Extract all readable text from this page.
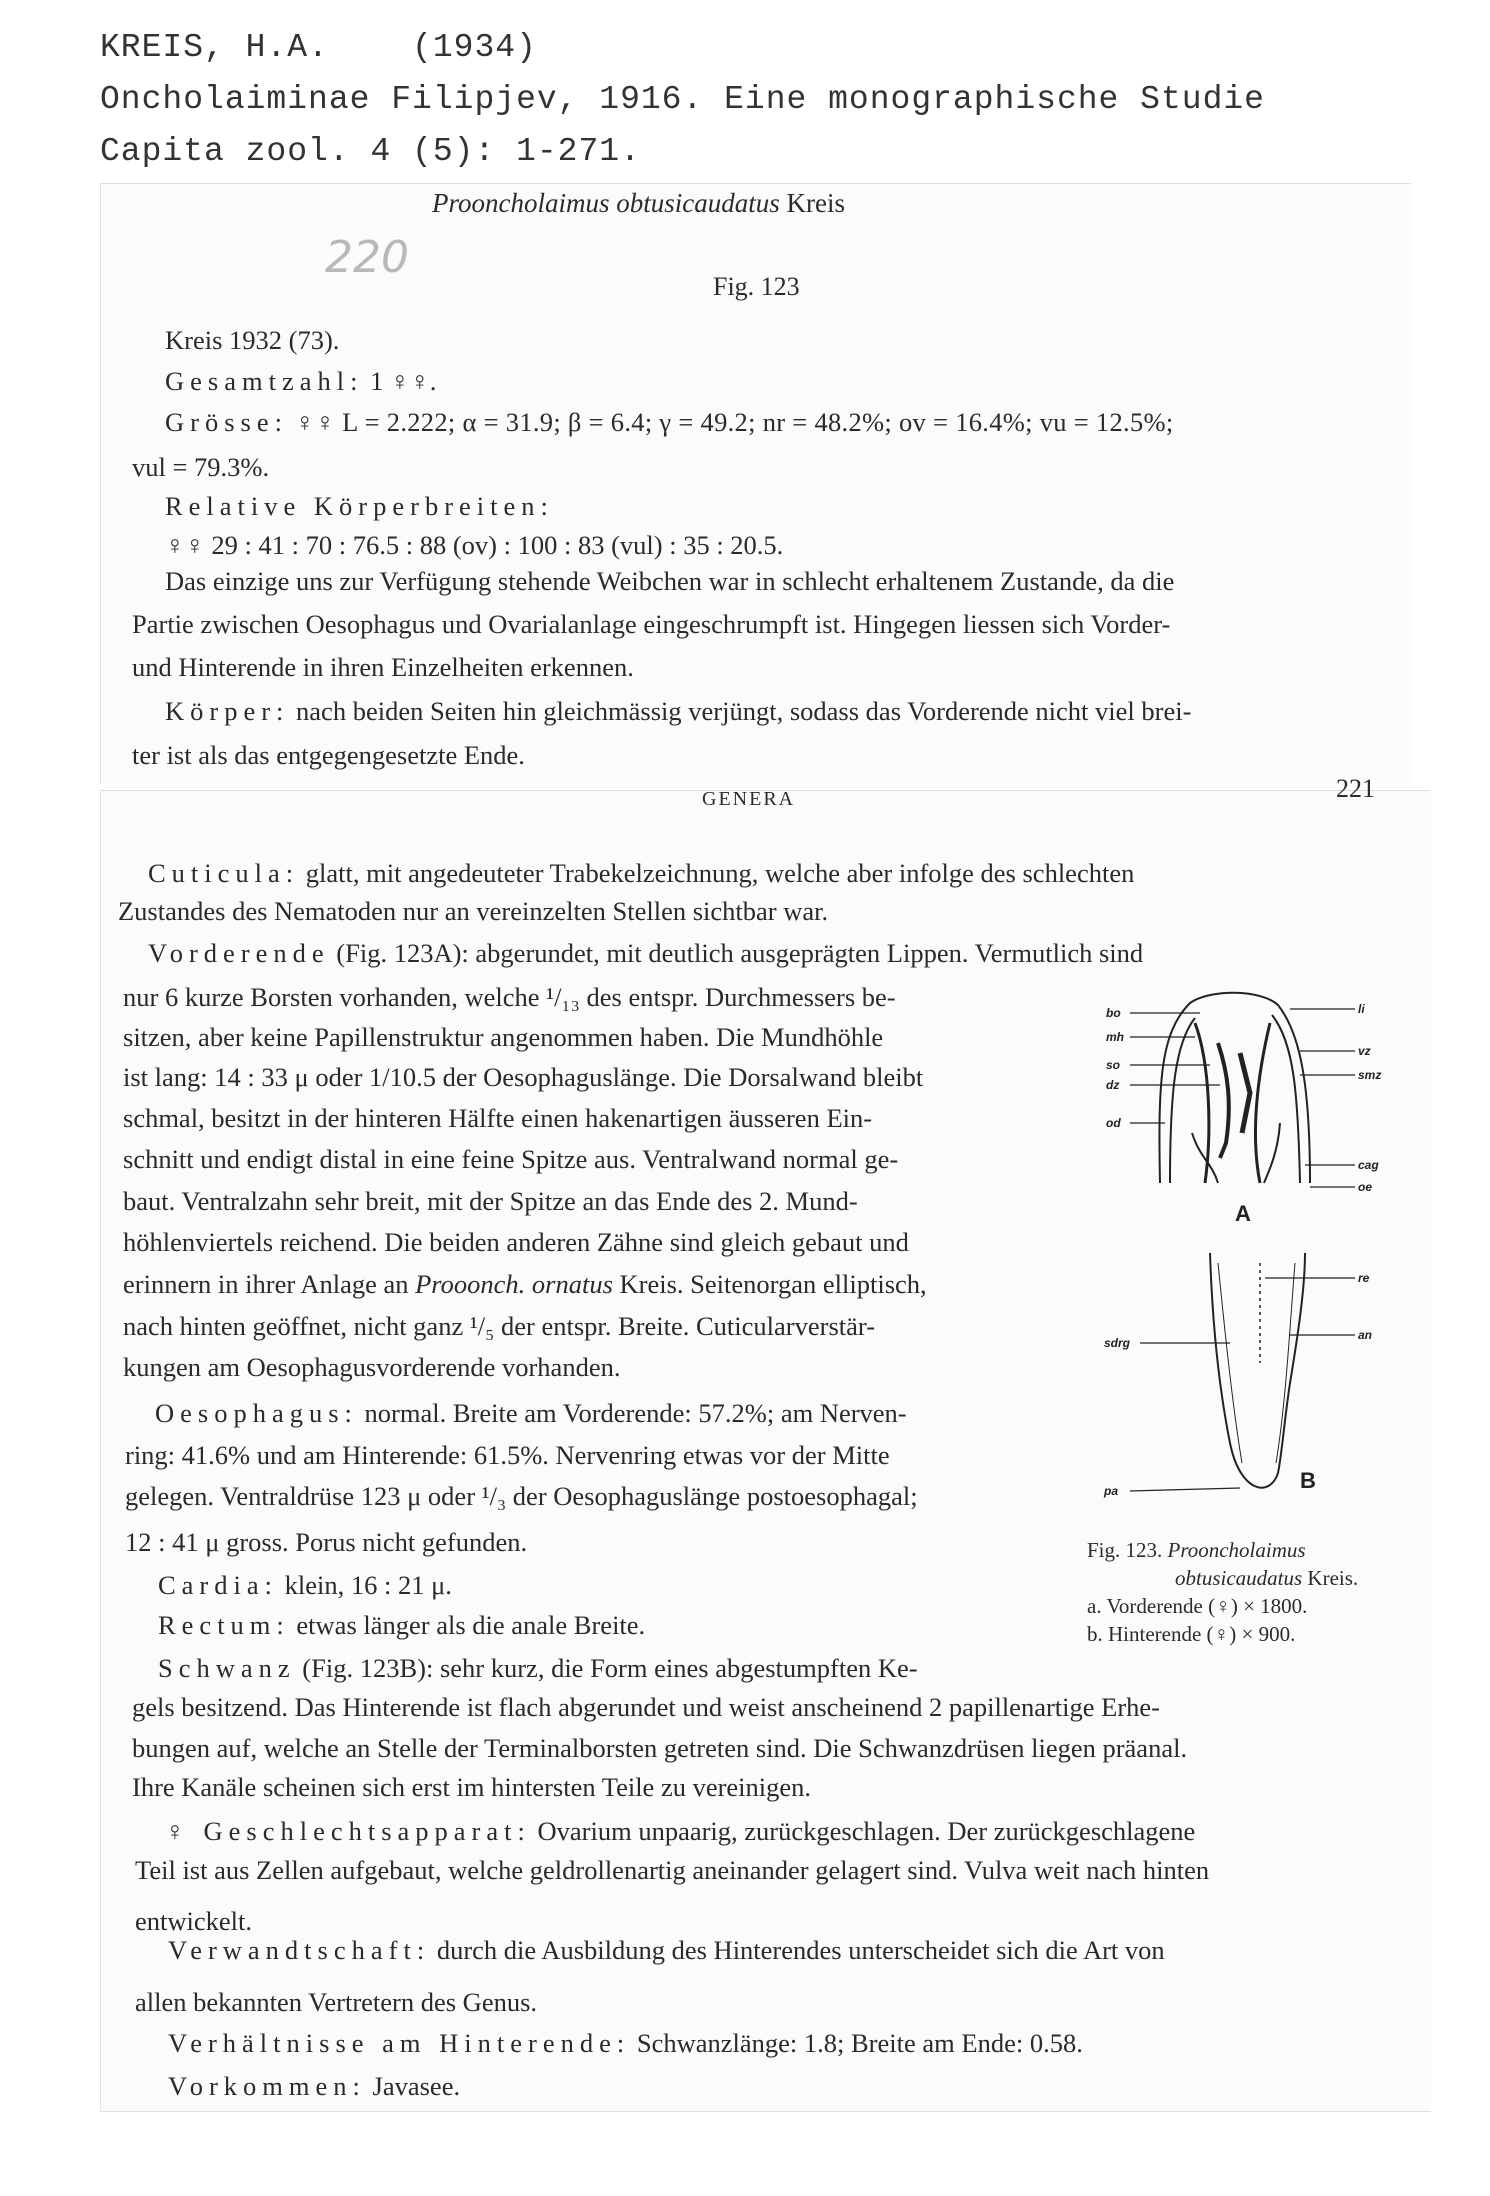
KREIS, H.A.    (1934)
Oncholaiminae Filipjev, 1916. Eine monographische Studie
Capita zool. 4 (5): 1-271.
Prooncholaimus obtusicaudatus Kreis
220
Fig. 123
Kreis 1932 (73).
Gesamtzahl: 1 ♀♀.
Grösse: ♀♀ L = 2.222; α = 31.9; β = 6.4; γ = 49.2; nr = 48.2%; ov = 16.4%; vu = 12.5%;
vul = 79.3%.
Relative Körperbreiten:
♀♀ 29 : 41 : 70 : 76.5 : 88 (ov) : 100 : 83 (vul) : 35 : 20.5.
Das einzige uns zur Verfügung stehende Weibchen war in schlecht erhaltenem Zustande, da die
Partie zwischen Oesophagus und Ovarialanlage eingeschrumpft ist. Hingegen liessen sich Vorder-
und Hinterende in ihren Einzelheiten erkennen.
Körper: nach beiden Seiten hin gleichmässig verjüngt, sodass das Vorderende nicht viel brei-
ter ist als das entgegengesetzte Ende.
GENERA	221
Cuticula: glatt, mit angedeuteter Trabekelzeichnung, welche aber infolge des schlechten
Zustandes des Nematoden nur an vereinzelten Stellen sichtbar war.
Vorderende (Fig. 123A): abgerundet, mit deutlich ausgeprägten Lippen. Vermutlich sind
nur 6 kurze Borsten vorhanden, welche ¹/₁₃ des entspr. Durchmessers be-
sitzen, aber keine Papillenstruktur angenommen haben. Die Mundhöhle
ist lang: 14 : 33 μ oder 1/10.5 der Oesophaguslänge. Die Dorsalwand bleibt
schmal, besitzt in der hinteren Hälfte einen hakenartigen äusseren Ein-
schnitt und endigt distal in eine feine Spitze aus. Ventralwand normal ge-
baut. Ventralzahn sehr breit, mit der Spitze an das Ende des 2. Mund-
höhlenviertels reichend. Die beiden anderen Zähne sind gleich gebaut und
erinnern in ihrer Anlage an Prooonch. ornatus Kreis. Seitenorgan elliptisch,
nach hinten geöffnet, nicht ganz ¹/₅ der entspr. Breite. Cuticularverstär-
kungen am Oesophagusvorderende vorhanden.
Oesophagus: normal. Breite am Vorderende: 57.2%; am Nerven-
ring: 41.6% und am Hinterende: 61.5%. Nervenring etwas vor der Mitte
gelegen. Ventraldrüse 123 μ oder ¹/₃ der Oesophaguslänge postoesophagal;
12 : 41 μ gross. Porus nicht gefunden.
Cardia: klein, 16 : 21 μ.
Rectum: etwas länger als die anale Breite.
Schwanz (Fig. 123B): sehr kurz, die Form eines abgestumpften Ke-
gels besitzend. Das Hinterende ist flach abgerundet und weist anscheinend 2 papillenartige Erhe-
bungen auf, welche an Stelle der Terminalborsten getreten sind. Die Schwanzdrüsen liegen präanal.
Ihre Kanäle scheinen sich erst im hintersten Teile zu vereinigen.
♀ Geschlechtsapparat: Ovarium unpaarig, zurückgeschlagen. Der zurückgeschlagene
Teil ist aus Zellen aufgebaut, welche geldrollenartig aneinander gelagert sind. Vulva weit nach hinten
entwickelt.
Verwandtschaft: durch die Ausbildung des Hinterendes unterscheidet sich die Art von
allen bekannten Vertretern des Genus.
Verhältnisse am Hinterende: Schwanzlänge: 1.8; Breite am Ende: 0.58.
Vorkommen: Javasee.
bo
mh
so
dz
od
li
vz
smz
cag
oe
A
re
an
sdrg
pa	B
Fig. 123. Prooncholaimus
obtusicaudatus Kreis.
a. Vorderende (♀) × 1800.
b. Hinterende (♀) × 900.
